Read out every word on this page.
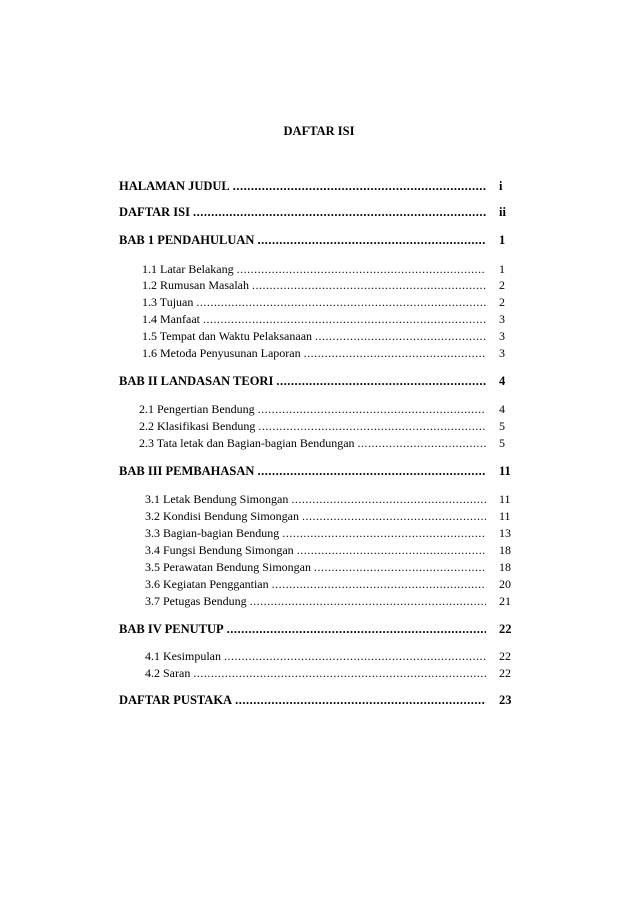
DAFTAR ISI
HALAMAN JUDUL .....	i
DAFTAR ISI .....	ii
BAB 1 PENDAHULUAN .....	1
1.1 Latar Belakang .....	1
1.2 Rumusan Masalah .....	2
1.3 Tujuan .....	2
1.4 Manfaat .....	3
1.5 Tempat dan Waktu Pelaksanaan .....	3
1.6 Metoda Penyusunan Laporan .....	3
BAB II LANDASAN TEORI .....	4
2.1 Pengertian Bendung .....	4
2.2 Klasifikasi Bendung .....	5
2.3 Tata letak dan Bagian-bagian Bendungan .....	5
BAB III PEMBAHASAN .....	11
3.1 Letak Bendung Simongan .....	11
3.2 Kondisi Bendung Simongan .....	11
3.3 Bagian-bagian Bendung .....	13
3.4 Fungsi Bendung Simongan .....	18
3.5 Perawatan Bendung Simongan .....	18
3.6 Kegiatan Penggantian .....	20
3.7 Petugas Bendung .....	21
BAB IV PENUTUP .....	22
4.1 Kesimpulan .....	22
4.2 Saran .....	22
DAFTAR PUSTAKA .....	23
